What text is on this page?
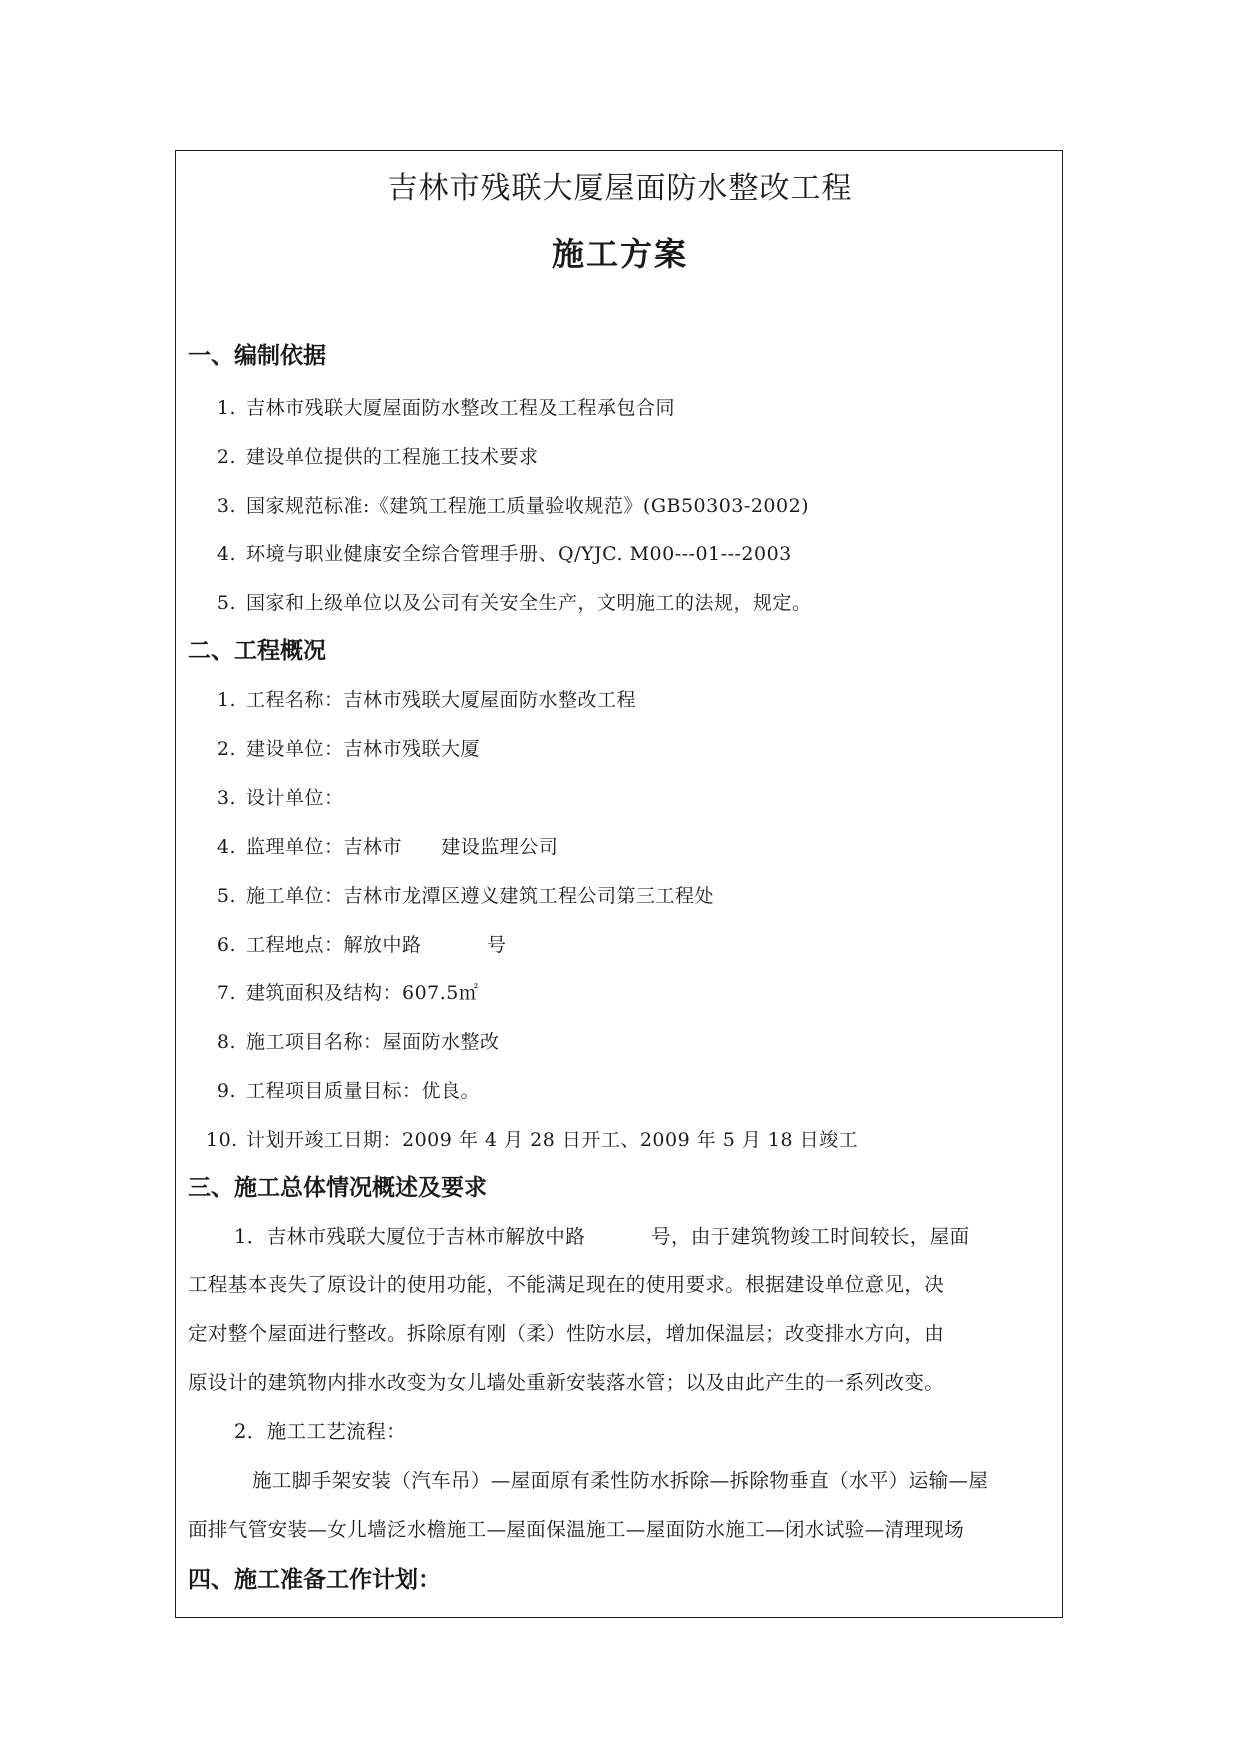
吉林市残联大厦屋面防水整改工程
施工方案
一、编制依据
1. 吉林市残联大厦屋面防水整改工程及工程承包合同
2. 建设单位提供的工程施工技术要求
3. 国家规范标准:《建筑工程施工质量验收规范》(GB50303-2002)
4. 环境与职业健康安全综合管理手册、Q/YJC. M00---01---2003
5. 国家和上级单位以及公司有关安全生产，文明施工的法规，规定。
二、工程概况
1. 工程名称：吉林市残联大厦屋面防水整改工程
2. 建设单位：吉林市残联大厦
3. 设计单位：
4. 监理单位：吉林市      建设监理公司
5. 施工单位：吉林市龙潭区遵义建筑工程公司第三工程处
6. 工程地点：解放中路          号
7. 建筑面积及结构：607.5㎡
8. 施工项目名称：屋面防水整改
9. 工程项目质量目标：优良。
10. 计划开竣工日期：2009 年 4 月 28 日开工、2009 年 5 月 18 日竣工
三、施工总体情况概述及要求
1．吉林市残联大厦位于吉林市解放中路          号，由于建筑物竣工时间较长，屋面
工程基本丧失了原设计的使用功能，不能满足现在的使用要求。根据建设单位意见，决
定对整个屋面进行整改。拆除原有刚（柔）性防水层，增加保温层；改变排水方向，由
原设计的建筑物内排水改变为女儿墙处重新安装落水管；以及由此产生的一系列改变。
2．施工工艺流程：
施工脚手架安装（汽车吊）—屋面原有柔性防水拆除—拆除物垂直（水平）运输—屋
面排气管安装—女儿墙泛水檐施工—屋面保温施工—屋面防水施工—闭水试验—清理现场
四、施工准备工作计划：
